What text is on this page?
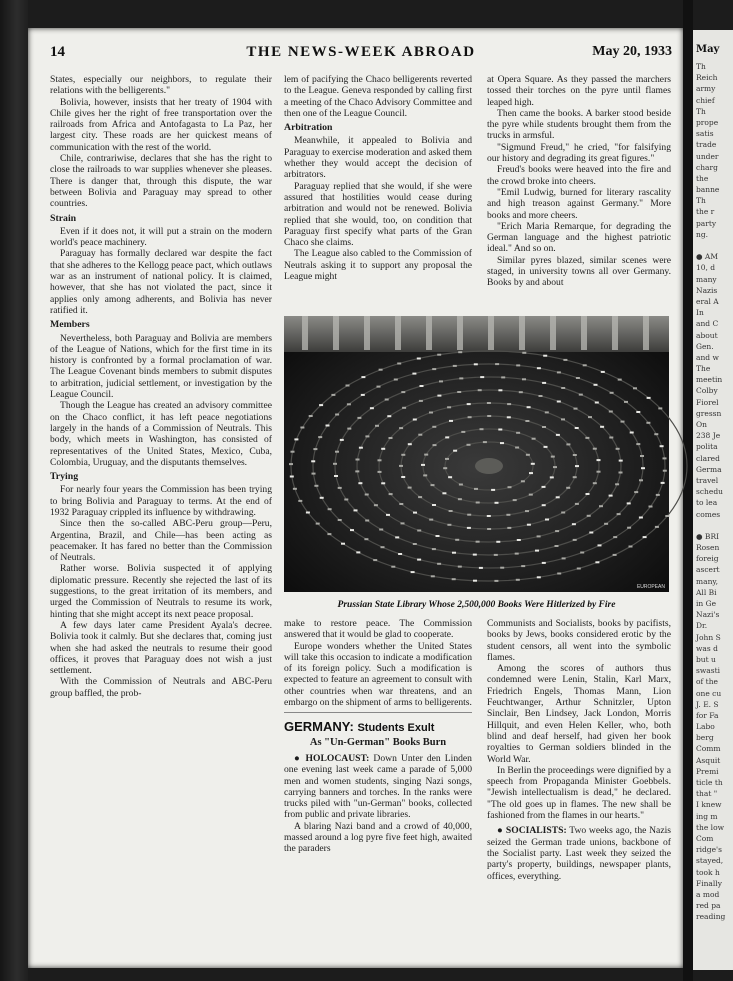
May
Th
Reich
army
chief
Th
prope
satis
trade
under
charg
the
banne
Th
the r
party
ng.
● AM
10, d
many
Nazis
eral A
In
and C
about
Gen.
and w
The
meetin
Colby
Fiorel
gressn
On
238 Je
polita
clared
Germa
travel
schedu
to lea
comes
● BRI
Rosen
foreig
ascert
many,
All Bi
in Ge
Nazi's
Dr.
John S
was d
but u
swasti
of the
one cu
J. E. S
for Fa
Labo
berg
Comm
Asquit
Premi
ticle th
that "
I knew
ing m
the low
Com
ridge's
stayed,
took h
Finally
a mod
red pa
reading
14	THE NEWS-WEEK ABROAD	May 20, 1933

States, especially our neighbors, to regulate their relations with the belligerents."

Bolivia, however, insists that her treaty of 1904 with Chile gives her the right of free transportation over the railroads from Africa and Antofagasta to La Paz, her largest city. These roads are her quickest means of communication with the rest of the world.

Chile, contrariwise, declares that she has the right to close the railroads to war supplies whenever she pleases. There is danger that, through this dispute, the war between Bolivia and Paraguay may spread to other countries.

Strain

Even if it does not, it will put a strain on the modern world's peace machinery.

Paraguay has formally declared war despite the fact that she adheres to the Kellogg peace pact, which outlaws war as an instrument of national policy. It is claimed, however, that she has not violated the pact, since it applies only among adherents, and Bolivia has never ratified it.

Members

Nevertheless, both Paraguay and Bolivia are members of the League of Nations, which for the first time in its history is confronted by a formal proclamation of war. The League Covenant binds members to submit disputes to arbitration, judicial settlement, or investigation by the League Council.

Though the League has created an advisory committee on the Chaco conflict, it has left peace negotiations largely in the hands of a Commission of Neutrals. This body, which meets in Washington, has consisted of representatives of the United States, Mexico, Cuba, Colombia, Uruguay, and the disputants themselves.

Trying

For nearly four years the Commission has been trying to bring Bolivia and Paraguay to terms. At the end of 1932 Paraguay crippled its influence by withdrawing.

Since then the so-called ABC-Peru group—Peru, Argentina, Brazil, and Chile—has been acting as peacemaker. It has fared no better than the Commission of Neutrals.

Rather worse. Bolivia suspected it of applying diplomatic pressure. Recently she rejected the last of its suggestions, to the great irritation of its members, and urged the Commission of Neutrals to resume its work, hinting that she might accept its next peace proposal.

A few days later came President Ayala's decree. Bolivia took it calmly. But she declares that, coming just when she had asked the neutrals to resume their good offices, it proves that Paraguay does not wish a just settlement.

With the Commission of Neutrals and ABC-Peru group baffled, the prob-

lem of pacifying the Chaco belligerents reverted to the League. Geneva responded by calling first a meeting of the Chaco Advisory Committee and then one of the League Council.

Arbitration

Meanwhile, it appealed to Bolivia and Paraguay to exercise moderation and asked them whether they would accept the decision of arbitrators.

Paraguay replied that she would, if she were assured that hostilities would cease during arbitration and would not be renewed. Bolivia replied that she would, too, on condition that Paraguay first specify what parts of the Gran Chaco she claims.

The League also cabled to the Commission of Neutrals asking it to support any proposal the League might

at Opera Square. As they passed the marchers tossed their torches on the pyre until flames leaped high.

Then came the books. A barker stood beside the pyre while students brought them from the trucks in armsful.

"Sigmund Freud," he cried, "for falsifying our history and degrading its great figures."

Freud's books were heaved into the fire and the crowd broke into cheers.

"Emil Ludwig, burned for literary rascality and high treason against Germany." More books and more cheers.

"Erich Maria Remarque, for degrading the German language and the highest patriotic ideal." And so on.

Similar pyres blazed, similar scenes were staged, in university towns all over Germany. Books by and about

EUROPEAN
Prussian State Library Whose 2,500,000 Books Were Hitlerized by Fire

make to restore peace. The Commission answered that it would be glad to cooperate.

Europe wonders whether the United States will take this occasion to indicate a modification of its foreign policy. Such a modification is expected to feature an agreement to consult with other countries when war threatens, and an embargo on the shipment of arms to belligerents.

GERMANY: Students Exult
As "Un-German" Books Burn

● HOLOCAUST: Down Unter den Linden one evening last week came a parade of 5,000 men and women students, singing Nazi songs, carrying banners and torches. In the ranks were trucks piled with "un-German" books, collected from public and private libraries.

A blaring Nazi band and a crowd of 40,000, massed around a log pyre five feet high, awaited the paraders

Communists and Socialists, books by pacifists, books by Jews, books considered erotic by the student censors, all went into the symbolic flames.

Among the scores of authors thus condemned were Lenin, Stalin, Karl Marx, Friedrich Engels, Thomas Mann, Lion Feuchtwanger, Arthur Schnitzler, Upton Sinclair, Ben Lindsey, Jack London, Morris Hillquit, and even Helen Keller, who, both blind and deaf herself, had given her book royalties to German soldiers blinded in the World War.

In Berlin the proceedings were dignified by a speech from Propaganda Minister Goebbels. "Jewish intellectualism is dead," he declared. "The old goes up in flames. The new shall be fashioned from the flames in our hearts."

● SOCIALISTS: Two weeks ago, the Nazis seized the German trade unions, backbone of the Socialist party. Last week they seized the party's property, buildings, newspaper plants, offices, everything.
